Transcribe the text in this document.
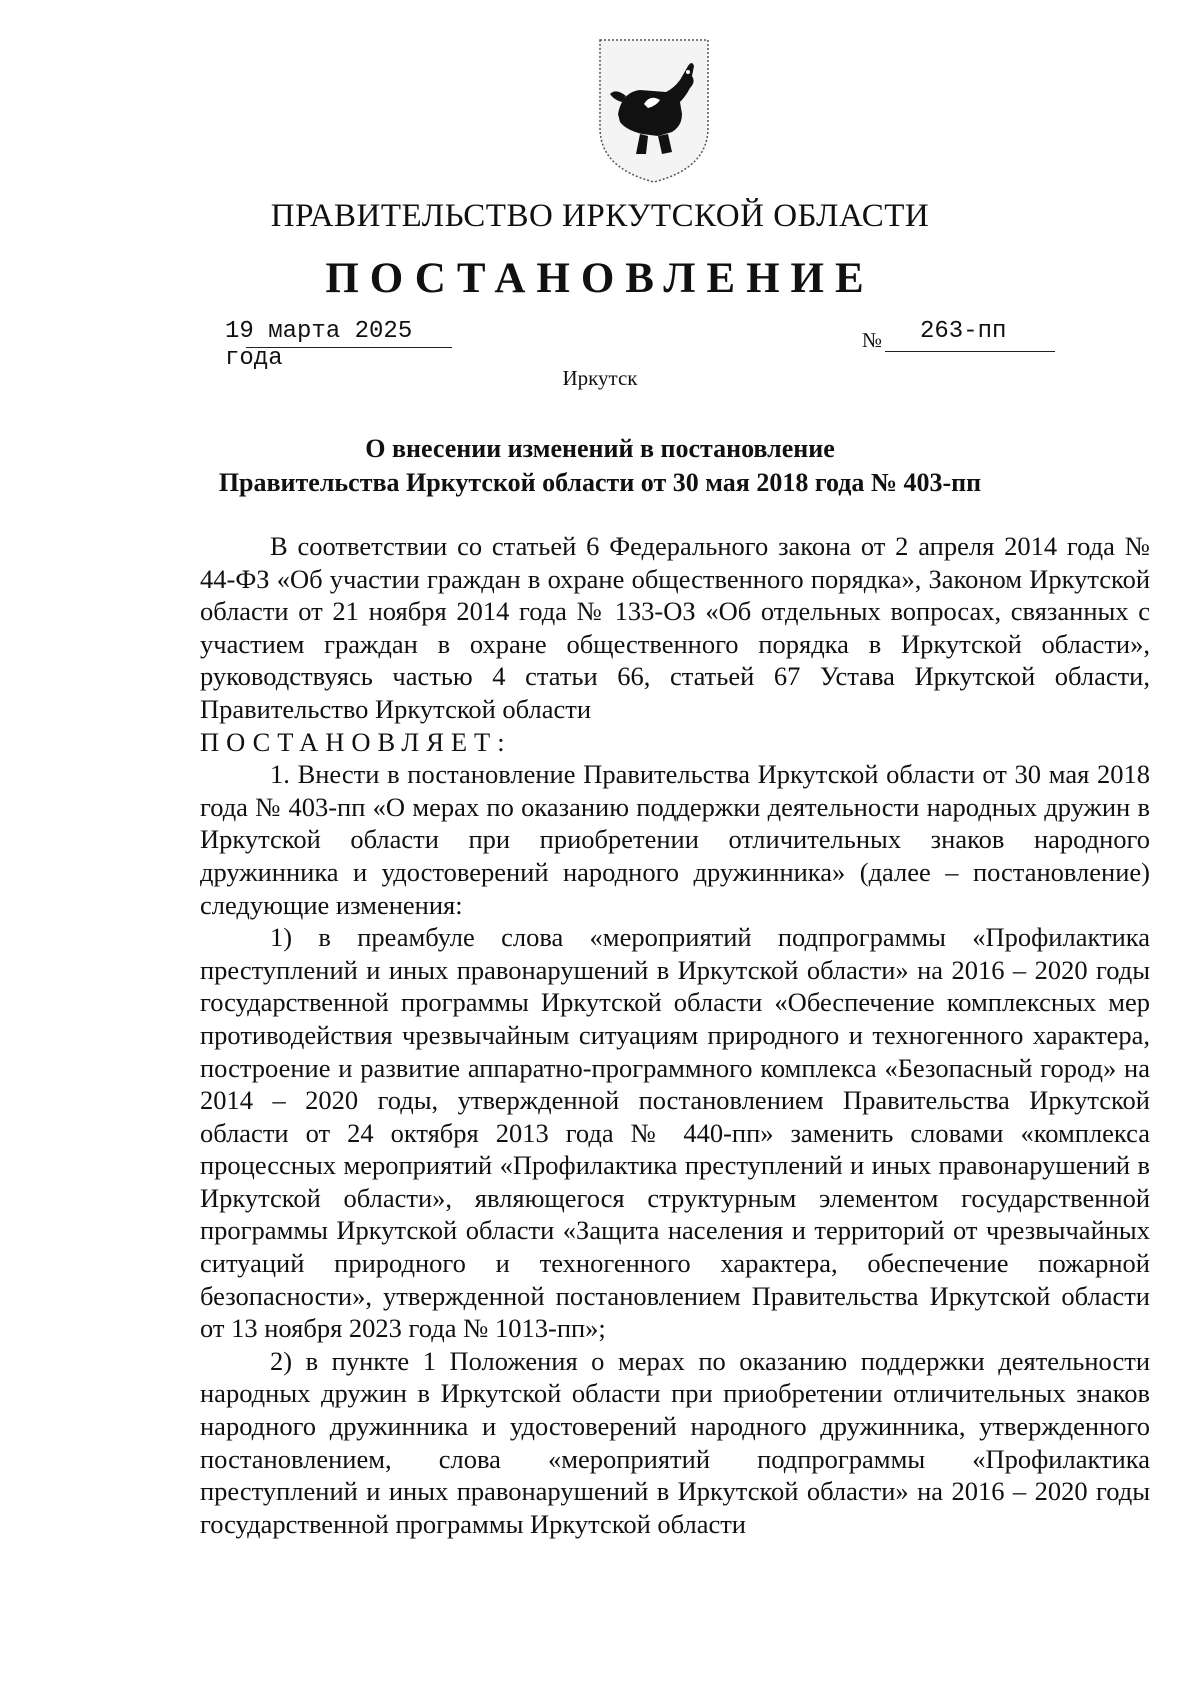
ПРАВИТЕЛЬСТВО ИРКУТСКОЙ ОБЛАСТИ
ПОСТАНОВЛЕНИЕ
19 марта 2025 года
№ 263-пп
Иркутск
О внесении изменений в постановление
Правительства Иркутской области от 30 мая 2018 года № 403-пп

В соответствии со статьей 6 Федерального закона от 2 апреля 2014 года № 44-ФЗ «Об участии граждан в охране общественного порядка», Законом Иркутской области от 21 ноября 2014 года № 133-ОЗ «Об отдельных вопросах, связанных с участием граждан в охране общественного порядка в Иркутской области», руководствуясь частью 4 статьи 66, статьей 67 Устава Иркутской области, Правительство Иркутской области

ПОСТАНОВЛЯЕТ:

1. Внести в постановление Правительства Иркутской области от 30 мая 2018 года № 403-пп «О мерах по оказанию поддержки деятельности народных дружин в Иркутской области при приобретении отличительных знаков народного дружинника и удостоверений народного дружинника» (далее – постановление) следующие изменения:

1) в преамбуле слова «мероприятий подпрограммы «Профилактика преступлений и иных правонарушений в Иркутской области» на 2016 – 2020 годы государственной программы Иркутской области «Обеспечение комплексных мер противодействия чрезвычайным ситуациям природного и техногенного характера, построение и развитие аппаратно-программного комплекса «Безопасный город» на 2014 – 2020 годы, утвержденной постановлением Правительства Иркутской области от 24 октября 2013 года № 440-пп» заменить словами «комплекса процессных мероприятий «Профилактика преступлений и иных правонарушений в Иркутской области», являющегося структурным элементом государственной программы Иркутской области «Защита населения и территорий от чрезвычайных ситуаций природного и техногенного характера, обеспечение пожарной безопасности», утвержденной постановлением Правительства Иркутской области от 13 ноября 2023 года № 1013-пп»;

2) в пункте 1 Положения о мерах по оказанию поддержки деятельности народных дружин в Иркутской области при приобретении отличительных знаков народного дружинника и удостоверений народного дружинника, утвержденного постановлением, слова «мероприятий подпрограммы «Профилактика преступлений и иных правонарушений в Иркутской области» на 2016 – 2020 годы государственной программы Иркутской области
